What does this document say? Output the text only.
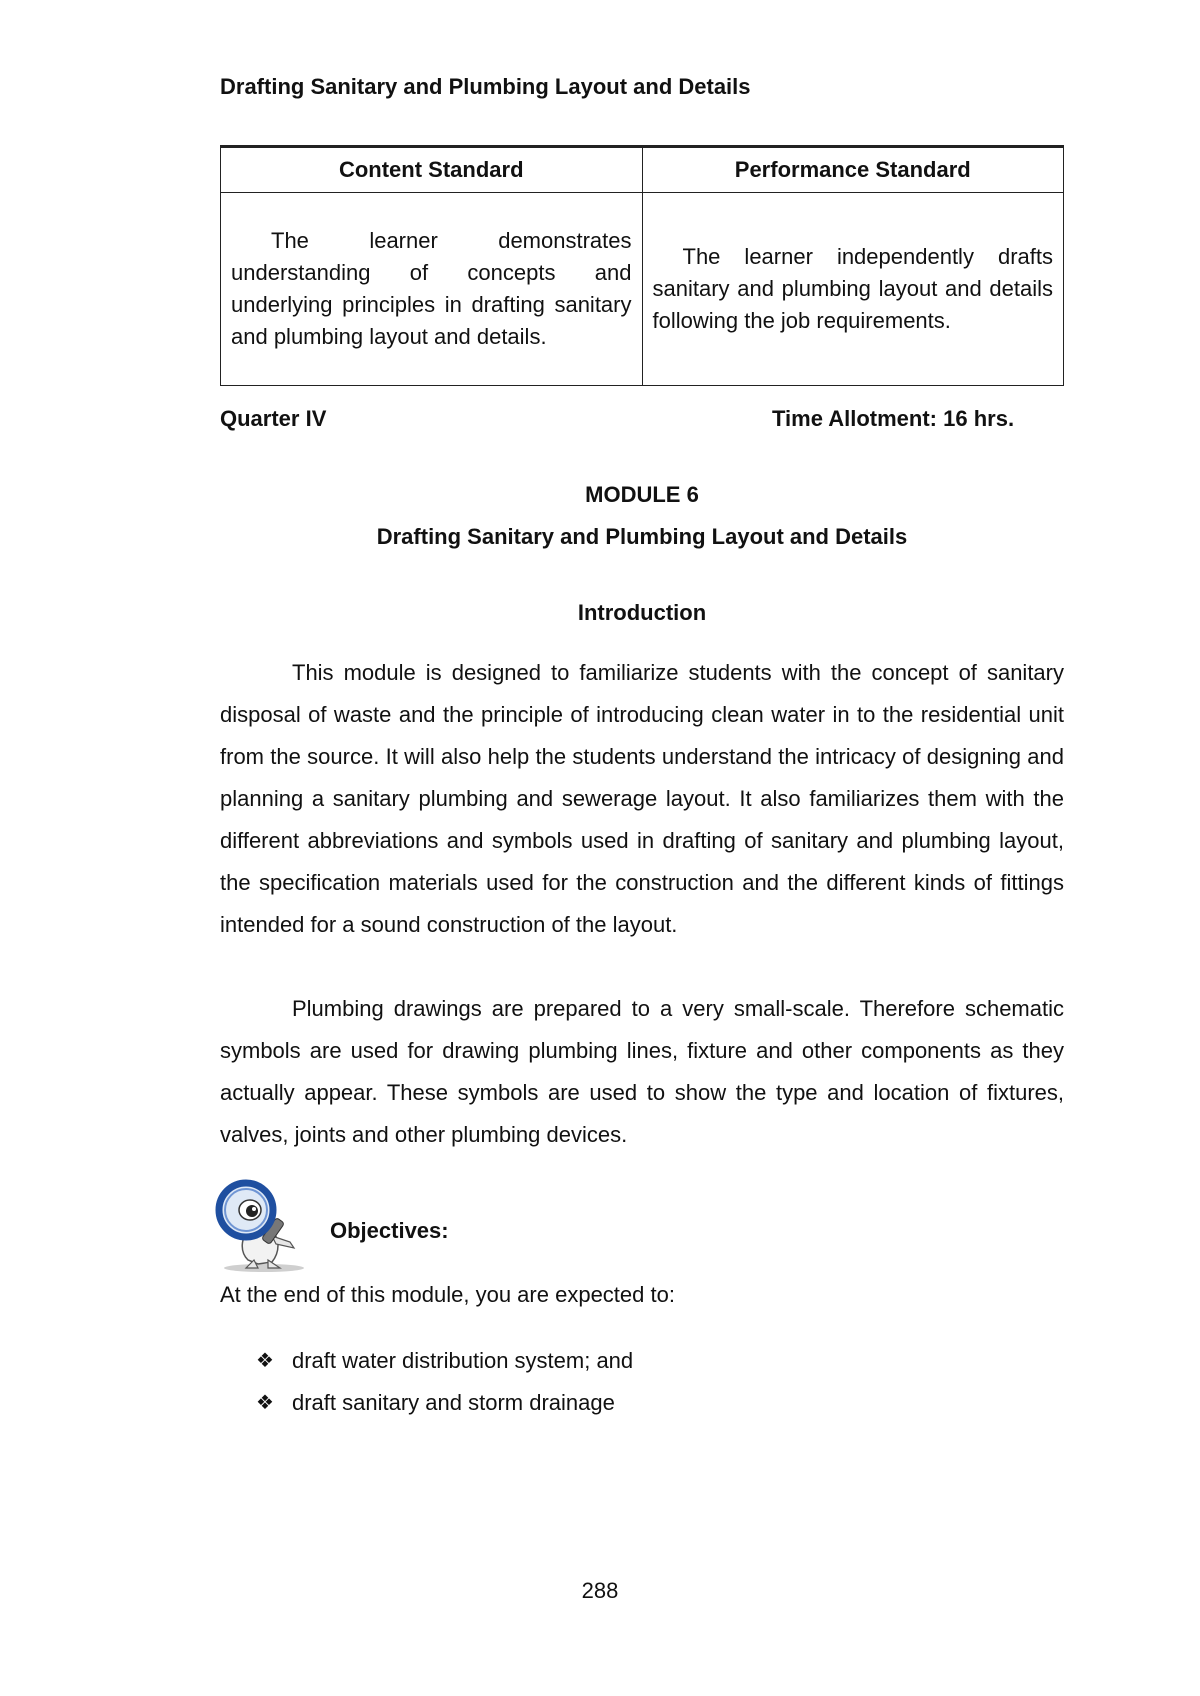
Drafting Sanitary and Plumbing Layout and Details
Content Standard	Performance Standard
The learner demonstrates understanding of concepts and underlying principles in drafting sanitary and plumbing layout and details.	The learner independently drafts sanitary and plumbing layout and details following the job requirements.
Quarter IV	Time Allotment: 16 hrs.
MODULE 6
Drafting Sanitary and Plumbing Layout and Details
Introduction

This module is designed to familiarize students with the concept of sanitary disposal of waste and the principle of introducing clean water in to the residential unit from the source. It will also help the students understand the intricacy of designing and planning a sanitary plumbing and sewerage layout. It also familiarizes them with the different abbreviations and symbols used in drafting of sanitary and plumbing layout, the specification materials used for the construction and the different kinds of fittings intended for a sound construction of the layout.

Plumbing drawings are prepared to a very small-scale. Therefore schematic symbols are used for drawing plumbing lines, fixture and other components as they actually appear. These symbols are used to show the type and location of fixtures, valves, joints and other plumbing devices.

Objectives:
At the end of this module, you are expected to:
❖ draft water distribution system; and
❖ draft sanitary and storm drainage
288
